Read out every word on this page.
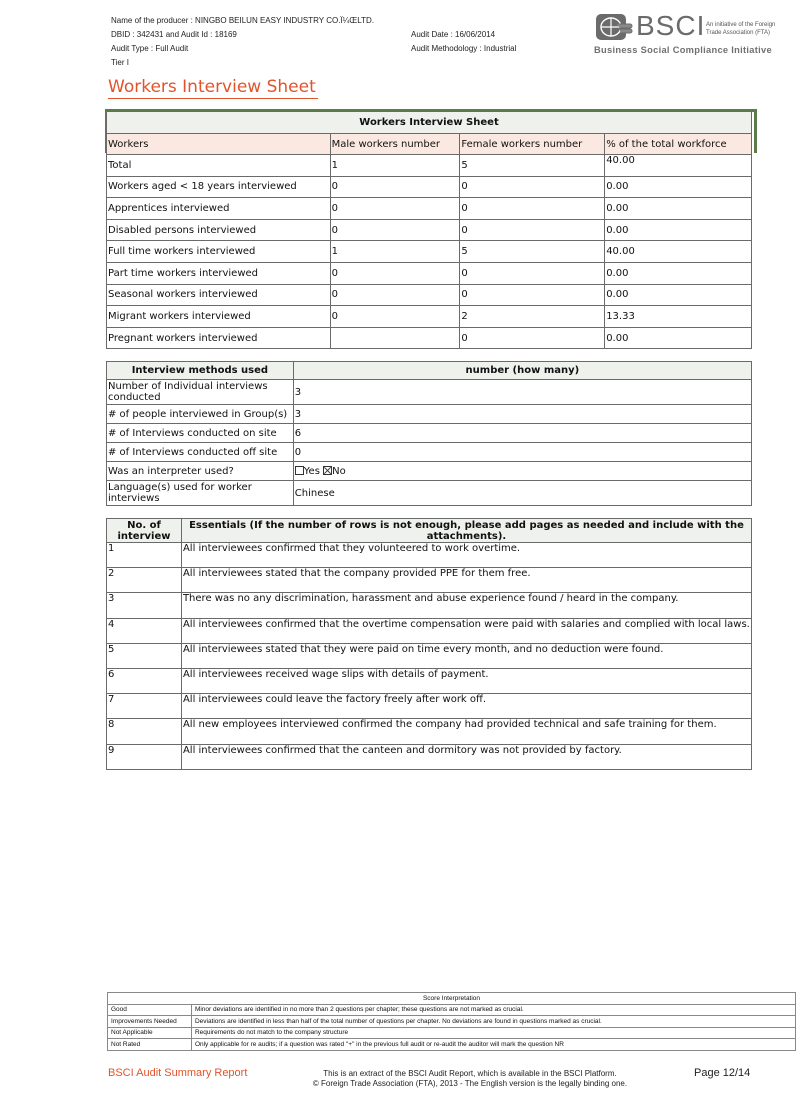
Name of the producer : NINGBO BEILUN EASY INDUSTRY CO.Ï¼ŒLTD.
DBID : 342431 and Audit Id : 18169
Audit Type : Full Audit
Tier I
Audit Date : 16/06/2014
Audit Methodology : Industrial
BSCI An initiative of the Foreign
Trade Association (FTA)
Business Social Compliance Initiative
Workers Interview Sheet
Workers Interview Sheet			
Workers	Male workers number	Female workers number	% of the total workforce
Total	1	5	40.00
Workers aged < 18 years interviewed	0	0	0.00
Apprentices interviewed	0	0	0.00
Disabled persons interviewed	0	0	0.00
Full time workers interviewed	1	5	40.00
Part time workers interviewed	0	0	0.00
Seasonal workers interviewed	0	0	0.00
Migrant workers interviewed	0	2	13.33
Pregnant workers interviewed		0	0.00
Interview methods used	number (how many)
Number of Individual interviews conducted	3
# of people interviewed in Group(s)	3
# of Interviews conducted on site	6
# of Interviews conducted off site	0
Was an interpreter used?	Yes No
Language(s) used for worker interviews	Chinese
No. of interview	Essentials (If the number of rows is not enough, please add pages as needed and include with the attachments).
1	All interviewees confirmed that they volunteered to work overtime.
2	All interviewees stated that the company provided PPE for them free.
3	There was no any discrimination, harassment and abuse experience found / heard in the company.
4	All interviewees confirmed that the overtime compensation were paid with salaries and complied with local laws.
5	All interviewees stated that they were paid on time every month, and no deduction were found.
6	All interviewees received wage slips with details of payment.
7	All interviewees could leave the factory freely after work off.
8	All new employees interviewed confirmed the company had provided technical and safe training for them.
9	All interviewees confirmed that the canteen and dormitory was not provided by factory.
Score Interpretation	
Good	Minor deviations are identified in no more than 2 questions per chapter; these questions are not marked as crucial.
Improvements Needed	Deviations are identified in less than half of the total number of questions per chapter. No deviations are found in questions marked as crucial.
Not Applicable	Requirements do not match to the company structure
Not Rated	Only applicable for re audits; if a question was rated "+" in the previous full audit or re-audit the auditor will mark the question NR
BSCI Audit Summary Report	This is an extract of the BSCI Audit Report, which is available in the BSCI Platform.
© Foreign Trade Association (FTA), 2013 - The English version is the legally binding one.
Page 12/14
